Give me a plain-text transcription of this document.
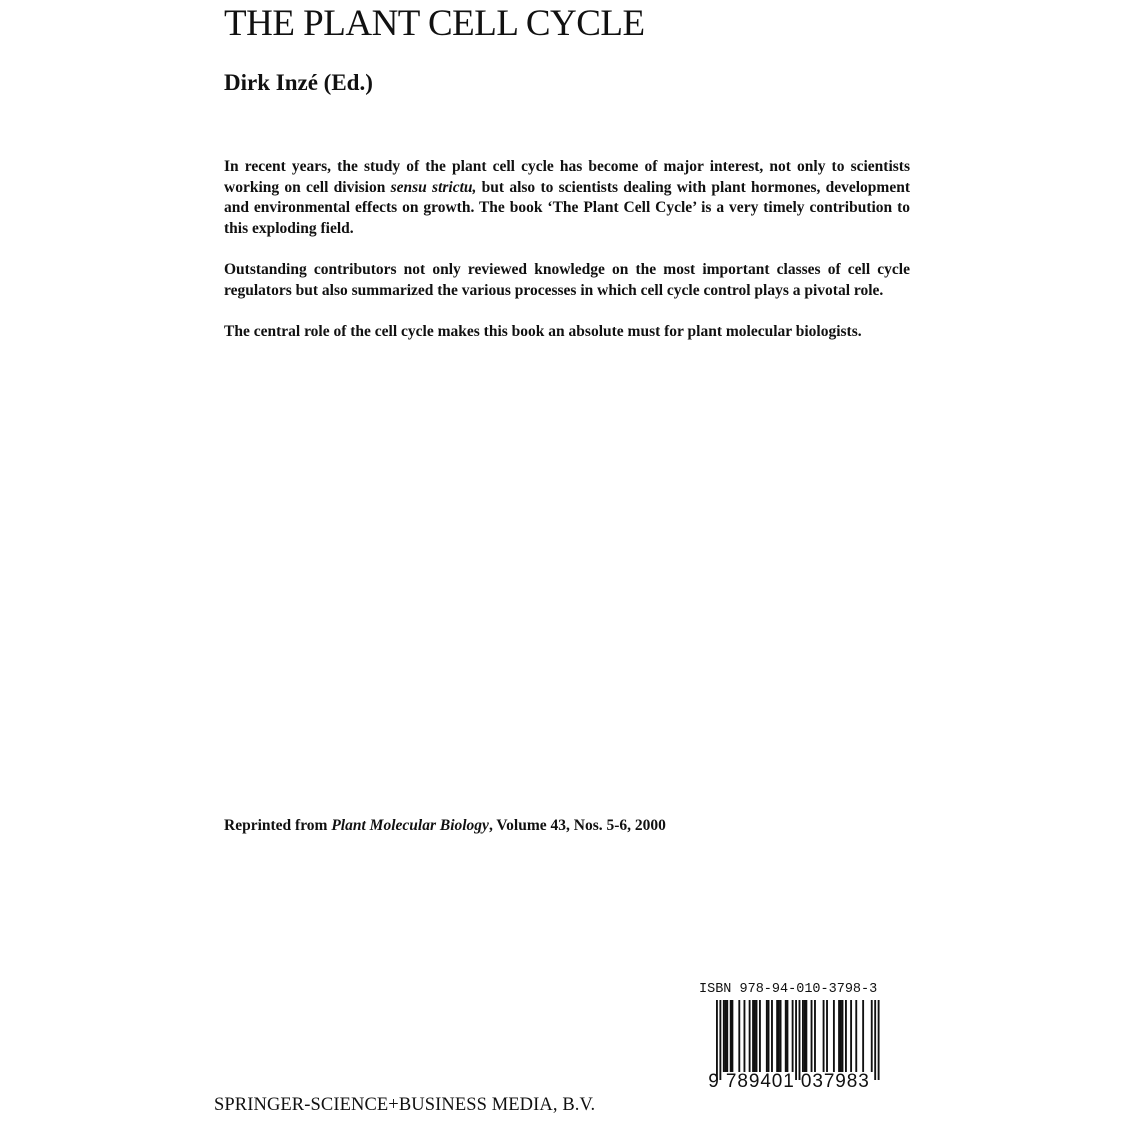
THE PLANT CELL CYCLE
Dirk Inzé (Ed.)

In recent years, the study of the plant cell cycle has become of major interest, not only to scientists working on cell division sensu strictu, but also to scientists dealing with plant hormones, development and environmental effects on growth. The book ‘The Plant Cell Cycle’ is a very timely contribution to this exploding field.

Outstanding contributors not only reviewed knowledge on the most important classes of cell cycle regulators but also summarized the various processes in which cell cycle control plays a pivotal role.

The central role of the cell cycle makes this book an absolute must for plant molecular biologists.

Reprinted from Plant Molecular Biology, Volume 43, Nos. 5-6, 2000

ISBN 978-94-010-3798-3

9 789401 037983

SPRINGER-SCIENCE+BUSINESS MEDIA, B.V.
